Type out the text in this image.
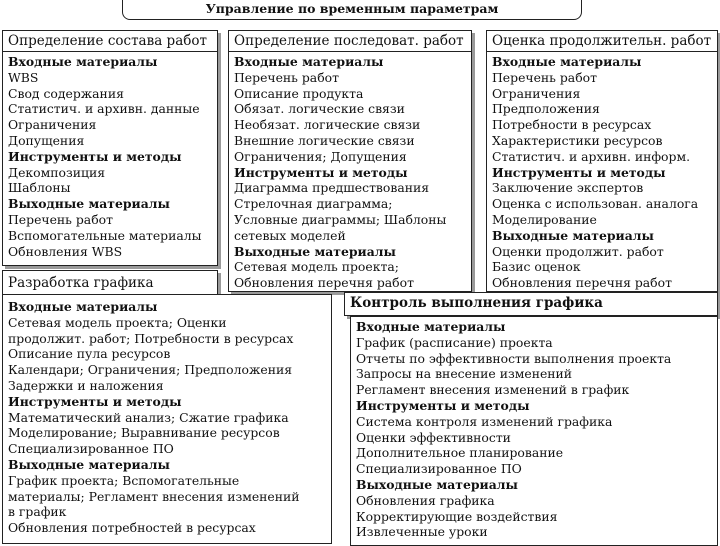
Управление по временным параметрам
Определение состава работ
Входные материалы
WBS
Свод содержания
Статистич. и архивн. данные
Ограничения
Допущения
Инструменты и методы
Декомпозиция
Шаблоны
Выходные материалы
Перечень работ
Вспомогательные материалы
Обновления WBS
Определение последоват. работ
Входные материалы
Перечень работ
Описание продукта
Обязат. логические связи
Необязат. логические связи
Внешние логические связи
Ограничения; Допущения
Инструменты и методы
Диаграмма предшествования
Стрелочная диаграмма;
Условные диаграммы; Шаблоны
сетевых моделей
Выходные материалы
Сетевая модель проекта;
Обновления перечня работ
Оценка продолжительн. работ
Входные материалы
Перечень работ
Ограничения
Предположения
Потребности в ресурсах
Характеристики ресурсов
Статистич. и архивн. информ.
Инструменты и методы
Заключение экспертов
Оценка с использован. аналога
Моделирование
Выходные материалы
Оценки продолжит. работ
Базис оценок
Обновления перечня работ
Разработка графика
Входные материалы
Сетевая модель проекта; Оценки
продолжит. работ; Потребности в ресурсах
Описание пула ресурсов
Календари; Ограничения; Предположения
Задержки и наложения
Инструменты и методы
Математический анализ; Сжатие графика
Моделирование; Выравнивание ресурсов
Специализированное ПО
Выходные материалы
График проекта; Вспомогательные
материалы; Регламент внесения изменений
в график
Обновления потребностей в ресурсах
Контроль выполнения графика
Входные материалы
График (расписание) проекта
Отчеты по эффективности выполнения проекта
Запросы на внесение изменений
Регламент внесения изменений в график
Инструменты и методы
Система контроля изменений графика
Оценки эффективности
Дополнительное планирование
Специализированное ПО
Выходные материалы
Обновления графика
Корректирующие воздействия
Извлеченные уроки
